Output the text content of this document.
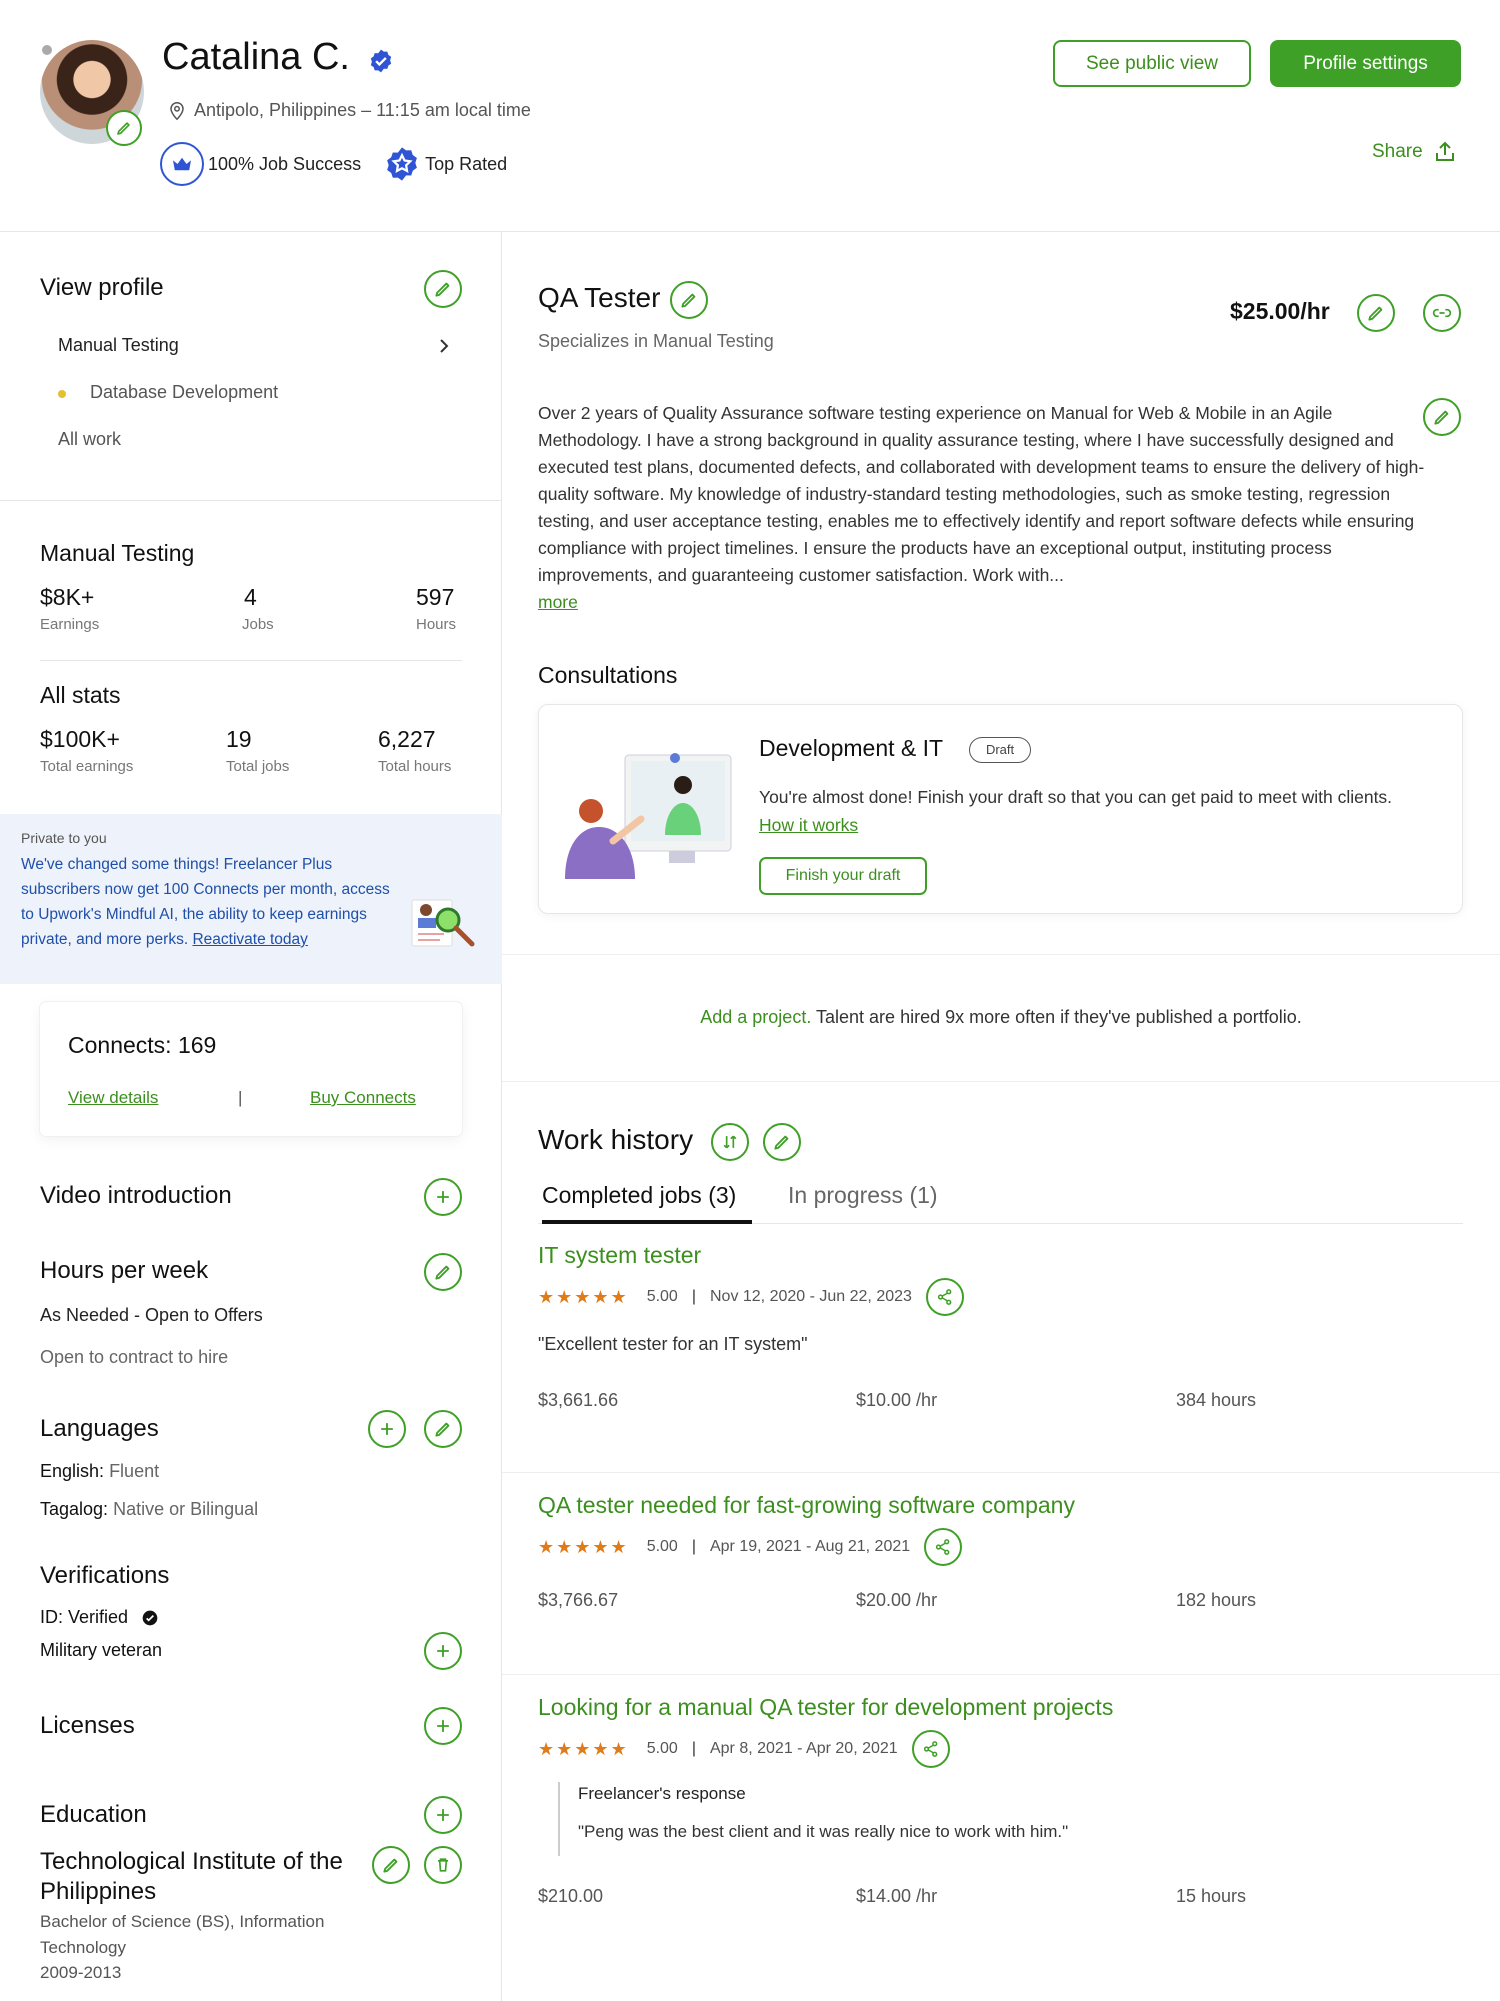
Catalina C.
Antipolo, Philippines – 11:15 am local time
100% Job Success	Top Rated
See public view	Profile settings
Share
View profile
Manual Testing
Database Development
All work
Manual Testing
$8K+
Earnings
4
Jobs
597
Hours
All stats
$100K+
Total earnings
19
Total jobs
6,227
Total hours
Private to you
We've changed some things! Freelancer Plus subscribers now get 100 Connects per month, access to Upwork's Mindful AI, the ability to keep earnings private, and more perks. Reactivate today
Connects: 169
View details	|	Buy Connects
Video introduction
Hours per week
As Needed - Open to Offers
Open to contract to hire
Languages
English: Fluent
Tagalog: Native or Bilingual
Verifications
ID: Verified
Military veteran
Licenses
Education
Technological Institute of the Philippines
Bachelor of Science (BS), Information Technology
2009-2013
QA Tester
Specializes in Manual Testing
$25.00/hr
Over 2 years of Quality Assurance software testing experience on Manual for Web & Mobile in an Agile Methodology. I have a strong background in quality assurance testing, where I have successfully designed and executed test plans, documented defects, and collaborated with development teams to ensure the delivery of high-quality software. My knowledge of industry-standard testing methodologies, such as smoke testing, regression testing, and user acceptance testing, enables me to effectively identify and report software defects while ensuring compliance with project timelines. I ensure the products have an exceptional output, instituting process improvements, and guaranteeing customer satisfaction. Work with...
more
Consultations
Development & IT	Draft
You're almost done! Finish your draft so that you can get paid to meet with clients. How it works
Finish your draft
Add a project. Talent are hired 9x more often if they've published a portfolio.
Work history
Completed jobs (3)	In progress (1)
IT system tester
★★★★★ 5.00 | Nov 12, 2020 - Jun 22, 2023
"Excellent tester for an IT system"
$3,661.66	$10.00 /hr	384 hours
QA tester needed for fast-growing software company
★★★★★ 5.00 | Apr 19, 2021 - Aug 21, 2021
$3,766.67	$20.00 /hr	182 hours
Looking for a manual QA tester for development projects
★★★★★ 5.00 | Apr 8, 2021 - Apr 20, 2021
Freelancer's response
"Peng was the best client and it was really nice to work with him."
$210.00	$14.00 /hr	15 hours
